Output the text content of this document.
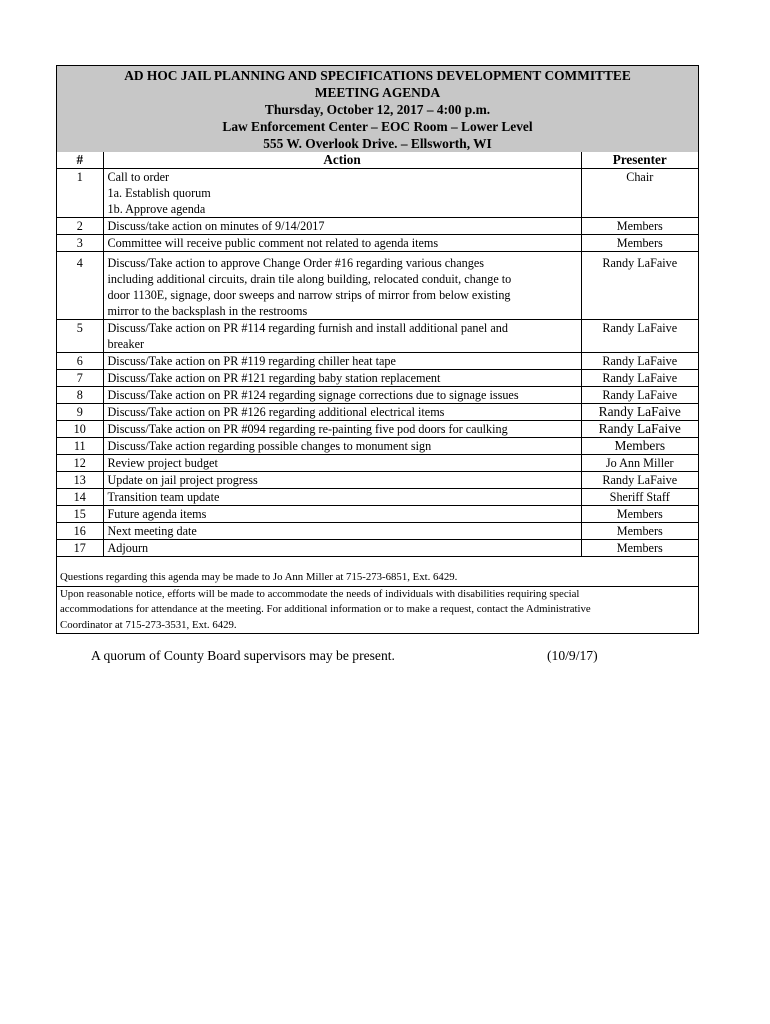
AD HOC JAIL PLANNING AND SPECIFICATIONS DEVELOPMENT COMMITTEE
MEETING AGENDA
Thursday, October 12, 2017 – 4:00 p.m.
Law Enforcement Center – EOC Room – Lower Level
555 W. Overlook Drive. – Ellsworth, WI
#	Action	Presenter
1	Call to order
1a. Establish quorum
1b. Approve agenda	Chair
2	Discuss/take action on minutes of 9/14/2017	Members
3	Committee will receive public comment not related to agenda items	Members
4	Discuss/Take action to approve Change Order #16 regarding various changes
including additional circuits, drain tile along building, relocated conduit, change to
door 1130E, signage, door sweeps and narrow strips of mirror from below existing
mirror to the backsplash in the restrooms	Randy LaFaive
5	Discuss/Take action on PR #114 regarding furnish and install additional panel and
breaker	Randy LaFaive
6	Discuss/Take action on PR #119 regarding chiller heat tape	Randy LaFaive
7	Discuss/Take action on PR #121 regarding baby station replacement	Randy LaFaive
8	Discuss/Take action on PR #124 regarding signage corrections due to signage issues	Randy LaFaive
9	Discuss/Take action on PR #126 regarding additional electrical items	Randy LaFaive
10	Discuss/Take action on PR #094 regarding re-painting five pod doors for caulking	Randy LaFaive
11	Discuss/Take action regarding possible changes to monument sign	Members
12	Review project budget	Jo Ann Miller
13	Update on jail project progress	Randy LaFaive
14	Transition team update	Sheriff Staff
15	Future agenda items	Members
16	Next meeting date	Members
17	Adjourn	Members

Questions regarding this agenda may be made to Jo Ann Miller at 715-273-6851, Ext. 6429.
Upon reasonable notice, efforts will be made to accommodate the needs of individuals with disabilities requiring special
accommodations for attendance at the meeting. For additional information or to make a request, contact the Administrative
Coordinator at 715-273-3531, Ext. 6429.
A quorum of County Board supervisors may be present.	(10/9/17)
